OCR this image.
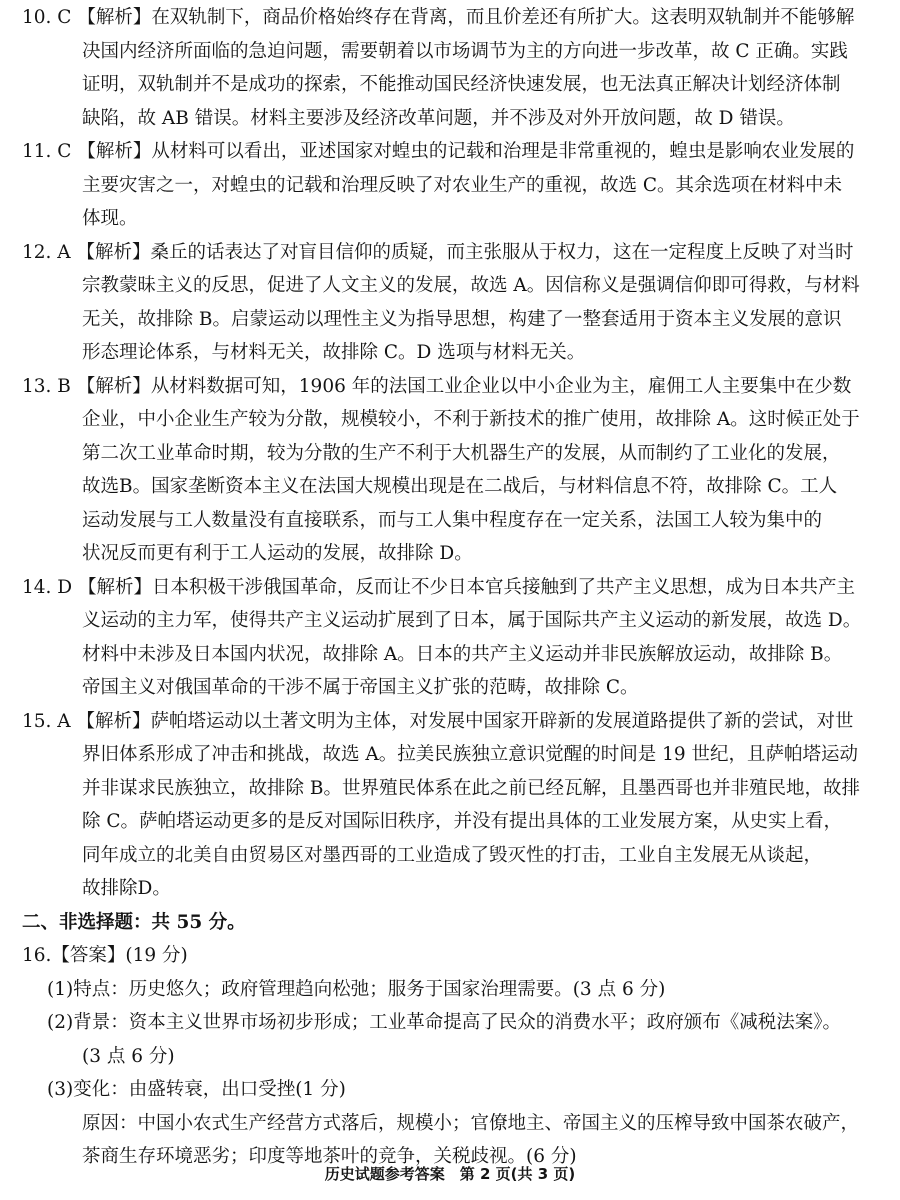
10. C 【解析】在双轨制下，商品价格始终存在背离，而且价差还有所扩大。这表明双轨制并不能够解
决国内经济所面临的急迫问题，需要朝着以市场调节为主的方向进一步改革，故 C 正确。实践
证明，双轨制并不是成功的探索，不能推动国民经济快速发展，也无法真正解决计划经济体制
缺陷，故 AB 错误。材料主要涉及经济改革问题，并不涉及对外开放问题，故 D 错误。
11. C 【解析】从材料可以看出，亚述国家对蝗虫的记载和治理是非常重视的，蝗虫是影响农业发展的
主要灾害之一，对蝗虫的记载和治理反映了对农业生产的重视，故选 C。其余选项在材料中未
体现。
12. A 【解析】桑丘的话表达了对盲目信仰的质疑，而主张服从于权力，这在一定程度上反映了对当时
宗教蒙昧主义的反思，促进了人文主义的发展，故选 A。因信称义是强调信仰即可得救，与材料
无关，故排除 B。启蒙运动以理性主义为指导思想，构建了一整套适用于资本主义发展的意识
形态理论体系，与材料无关，故排除 C。D 选项与材料无关。
13. B 【解析】从材料数据可知，1906 年的法国工业企业以中小企业为主，雇佣工人主要集中在少数
企业，中小企业生产较为分散，规模较小，不利于新技术的推广使用，故排除 A。这时候正处于
第二次工业革命时期，较为分散的生产不利于大机器生产的发展，从而制约了工业化的发展，
故选B。国家垄断资本主义在法国大规模出现是在二战后，与材料信息不符，故排除 C。工人
运动发展与工人数量没有直接联系，而与工人集中程度存在一定关系，法国工人较为集中的
状况反而更有利于工人运动的发展，故排除 D。
14. D 【解析】日本积极干涉俄国革命，反而让不少日本官兵接触到了共产主义思想，成为日本共产主
义运动的主力军，使得共产主义运动扩展到了日本，属于国际共产主义运动的新发展，故选 D。
材料中未涉及日本国内状况，故排除 A。日本的共产主义运动并非民族解放运动，故排除 B。
帝国主义对俄国革命的干涉不属于帝国主义扩张的范畴，故排除 C。
15. A 【解析】萨帕塔运动以土著文明为主体，对发展中国家开辟新的发展道路提供了新的尝试，对世
界旧体系形成了冲击和挑战，故选 A。拉美民族独立意识觉醒的时间是 19 世纪，且萨帕塔运动
并非谋求民族独立，故排除 B。世界殖民体系在此之前已经瓦解，且墨西哥也并非殖民地，故排
除 C。萨帕塔运动更多的是反对国际旧秩序，并没有提出具体的工业发展方案，从史实上看，
同年成立的北美自由贸易区对墨西哥的工业造成了毁灭性的打击，工业自主发展无从谈起，
故排除D。
二、非选择题：共 55 分。
16.【答案】(19 分)
(1)特点：历史悠久；政府管理趋向松弛；服务于国家治理需要。(3 点 6 分)
(2)背景：资本主义世界市场初步形成；工业革命提高了民众的消费水平；政府颁布《减税法案》。
历史试题参考答案　第 2 页(共 3 页)
(3 点 6 分)
(3)变化：由盛转衰，出口受挫(1 分)
原因：中国小农式生产经营方式落后，规模小；官僚地主、帝国主义的压榨导致中国茶农破产，
茶商生存环境恶劣；印度等地茶叶的竞争，关税歧视。(6 分)
